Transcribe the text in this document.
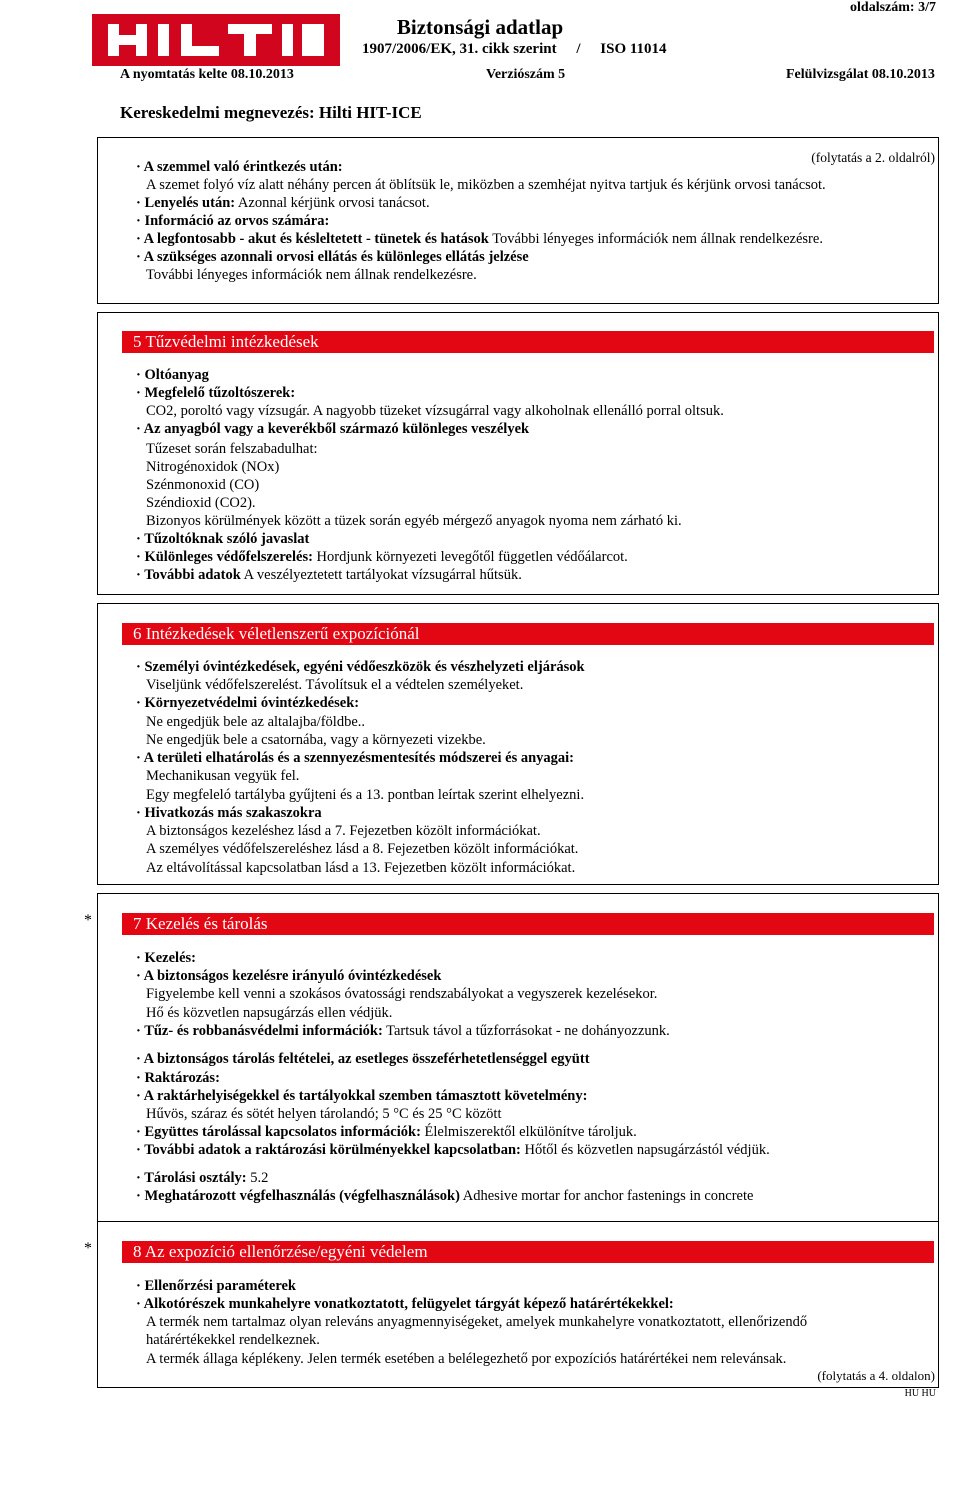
Biztonsági adatlap
oldalszám: 3/7
1907/2006/EK, 31. cikk szerint / ISO 11014
A nyomtatás kelte 08.10.2013	Verziószám 5	Felülvizsgálat 08.10.2013
Kereskedelmi megnevezés: Hilti HIT-ICE
(folytatás a 2. oldalról)
· A szemmel való érintkezés után:
A szemet folyó víz alatt néhány percen át öblítsük le, miközben a szemhéjat nyitva tartjuk és kérjünk orvosi tanácsot.
· Lenyelés után: Azonnal kérjünk orvosi tanácsot.
· Információ az orvos számára:
· A legfontosabb - akut és késleltetett - tünetek és hatások További lényeges információk nem állnak rendelkezésre.
· A szükséges azonnali orvosi ellátás és különleges ellátás jelzése
További lényeges információk nem állnak rendelkezésre.
5 Tűzvédelmi intézkedések
· Oltóanyag
· Megfelelő tűzoltószerek:
CO2, poroltó vagy vízsugár. A nagyobb tüzeket vízsugárral vagy alkoholnak ellenálló porral oltsuk.
· Az anyagból vagy a keverékből származó különleges veszélyek
Tűzeset során felszabadulhat:
Nitrogénoxidok (NOx)
Szénmonoxid (CO)
Széndioxid (CO2).
Bizonyos körülmények között a tüzek során egyéb mérgező anyagok nyoma nem zárható ki.
· Tűzoltóknak szóló javaslat
· Különleges védőfelszerelés: Hordjunk környezeti levegőtől független védőálarcot.
· További adatok A veszélyeztetett tartályokat vízsugárral hűtsük.
6 Intézkedések véletlenszerű expozíciónál
· Személyi óvintézkedések, egyéni védőeszközök és vészhelyzeti eljárások
Viseljünk védőfelszerelést. Távolítsuk el a védtelen személyeket.
· Környezetvédelmi óvintézkedések:
Ne engedjük bele az altalajba/földbe..
Ne engedjük bele a csatornába, vagy a környezeti vizekbe.
· A területi elhatárolás és a szennyezésmentesítés módszerei és anyagai:
Mechanikusan vegyük fel.
Egy megfeleló tartályba gyűjteni és a 13. pontban leírtak szerint elhelyezni.
· Hivatkozás más szakaszokra
A biztonságos kezeléshez lásd a 7. Fejezetben közölt információkat.
A személyes védőfelszereléshez lásd a 8. Fejezetben közölt információkat.
Az eltávolítással kapcsolatban lásd a 13. Fejezetben közölt információkat.
*	7 Kezelés és tárolás
· Kezelés:
· A biztonságos kezelésre irányuló óvintézkedések
Figyelembe kell venni a szokásos óvatossági rendszabályokat a vegyszerek kezelésekor.
Hő és közvetlen napsugárzás ellen védjük.
· Tűz- és robbanásvédelmi információk: Tartsuk távol a tűzforrásokat - ne dohányozzunk.
· A biztonságos tárolás feltételei, az esetleges összeférhetetlenséggel együtt
· Raktározás:
· A raktárhelyiségekkel és tartályokkal szemben támasztott követelmény:
Hűvös, száraz és sötét helyen tárolandó; 5 °C és 25 °C között
· Együttes tárolással kapcsolatos információk: Élelmiszerektől elkülönítve tároljuk.
· További adatok a raktározási körülményekkel kapcsolatban: Hőtől és közvetlen napsugárzástól védjük.
· Tárolási osztály: 5.2
· Meghatározott végfelhasználás (végfelhasználások) Adhesive mortar for anchor fastenings in concrete
*	8 Az expozíció ellenőrzése/egyéni védelem
· Ellenőrzési paraméterek
· Alkotórészek munkahelyre vonatkoztatott, felügyelet tárgyát képező határértékekkel:
A termék nem tartalmaz olyan releváns anyagmennyiségeket, amelyek munkahelyre vonatkoztatott, ellenőrizendő
határértékekkel rendelkeznek.
A termék állaga képlékeny. Jelen termék esetében a belélegezhető por expozíciós határértékei nem relevánsak.
(folytatás a 4. oldalon)
HU HU
